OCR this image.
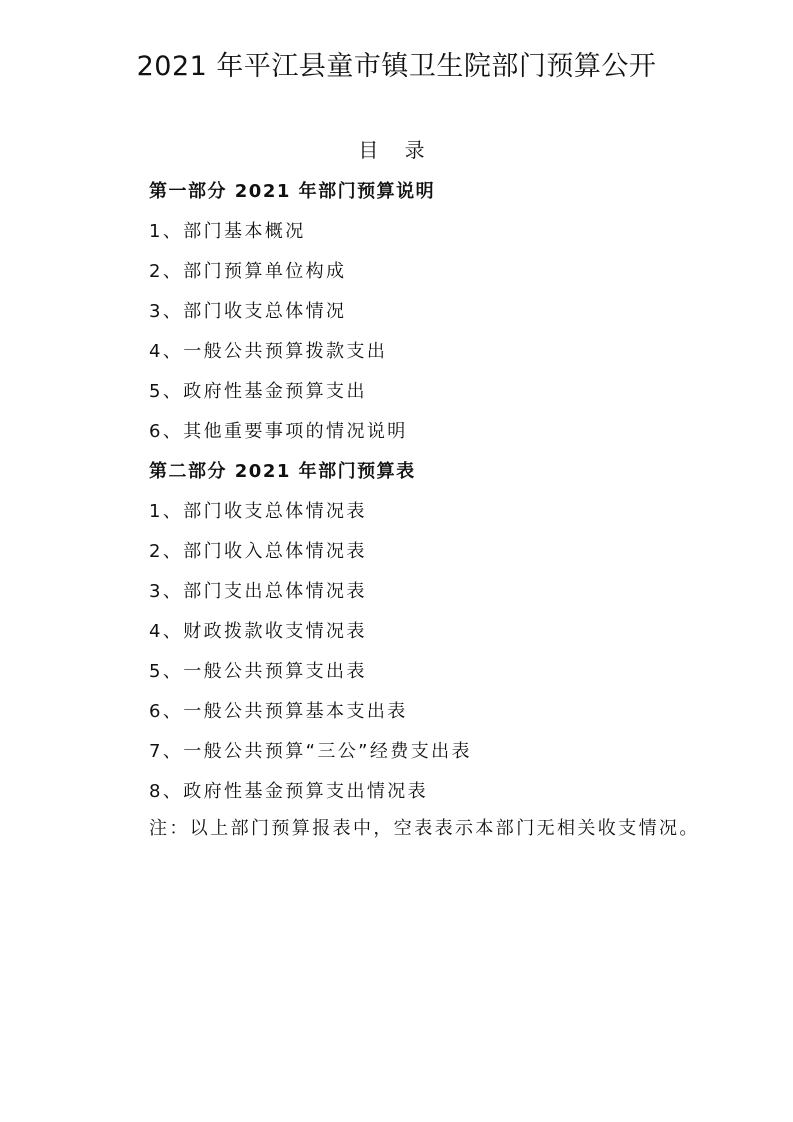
2021 年平江县童市镇卫生院部门预算公开
目 录
第一部分 2021 年部门预算说明
1、部门基本概况
2、部门预算单位构成
3、部门收支总体情况
4、一般公共预算拨款支出
5、政府性基金预算支出
6、其他重要事项的情况说明
第二部分 2021 年部门预算表
1、部门收支总体情况表
2、部门收入总体情况表
3、部门支出总体情况表
4、财政拨款收支情况表
5、一般公共预算支出表
6、一般公共预算基本支出表
7、一般公共预算“三公”经费支出表
8、政府性基金预算支出情况表
注：以上部门预算报表中，空表表示本部门无相关收支情况。
